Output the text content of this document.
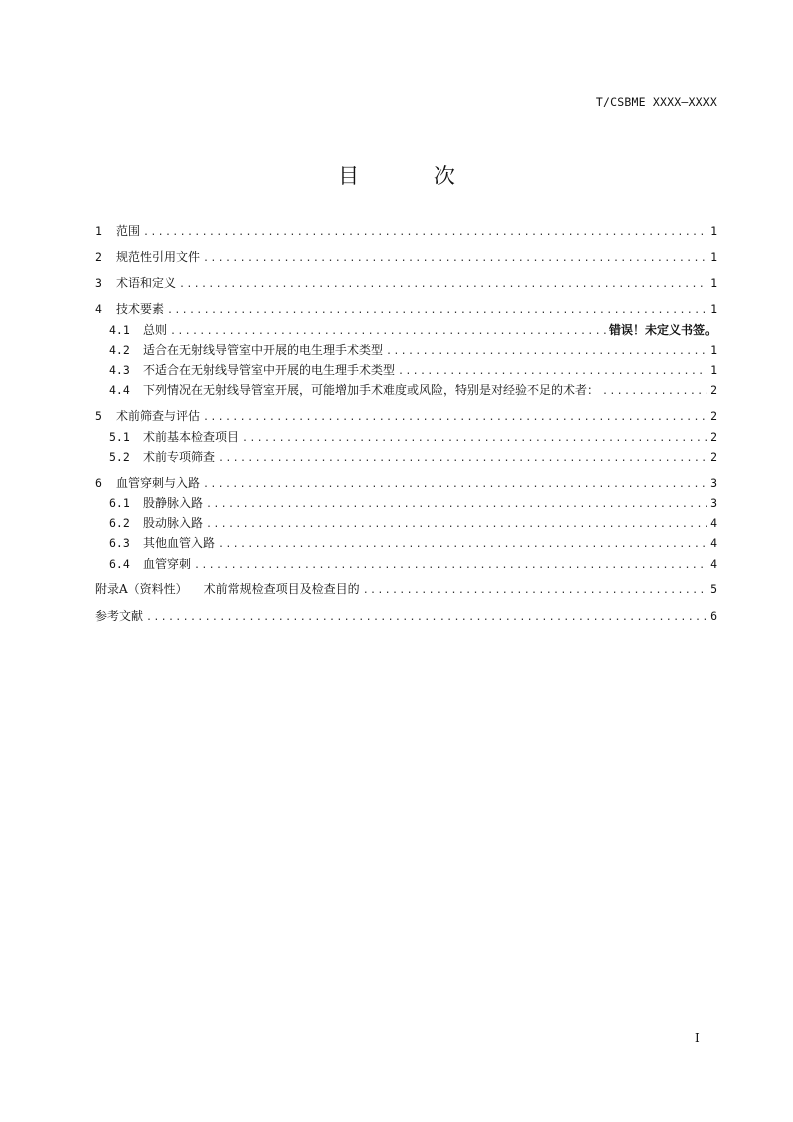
T/CSBME XXXX—XXXX
目 次
1	范围 .....	1
2	规范性引用文件 .....	1
3	术语和定义 .....	1
4	技术要素 .....	1
4.1	总则 .....	错误！未定义书签。
4.2	适合在无射线导管室中开展的电生理手术类型 .....	1
4.3	不适合在无射线导管室中开展的电生理手术类型 .....	1
4.4	下列情况在无射线导管室开展，可能增加手术难度或风险，特别是对经验不足的术者： .....	2
5	术前筛查与评估 .....	2
5.1	术前基本检查项目 .....	2
5.2	术前专项筛查 .....	2
6	血管穿刺与入路 .....	3
6.1	股静脉入路 .....	3
6.2	股动脉入路 .....	4
6.3	其他血管入路 .....	4
6.4	血管穿刺 .....	4
附录A（资料性） 术前常规检查项目及检查目的 .....	5
参考文献 .....	6
I
